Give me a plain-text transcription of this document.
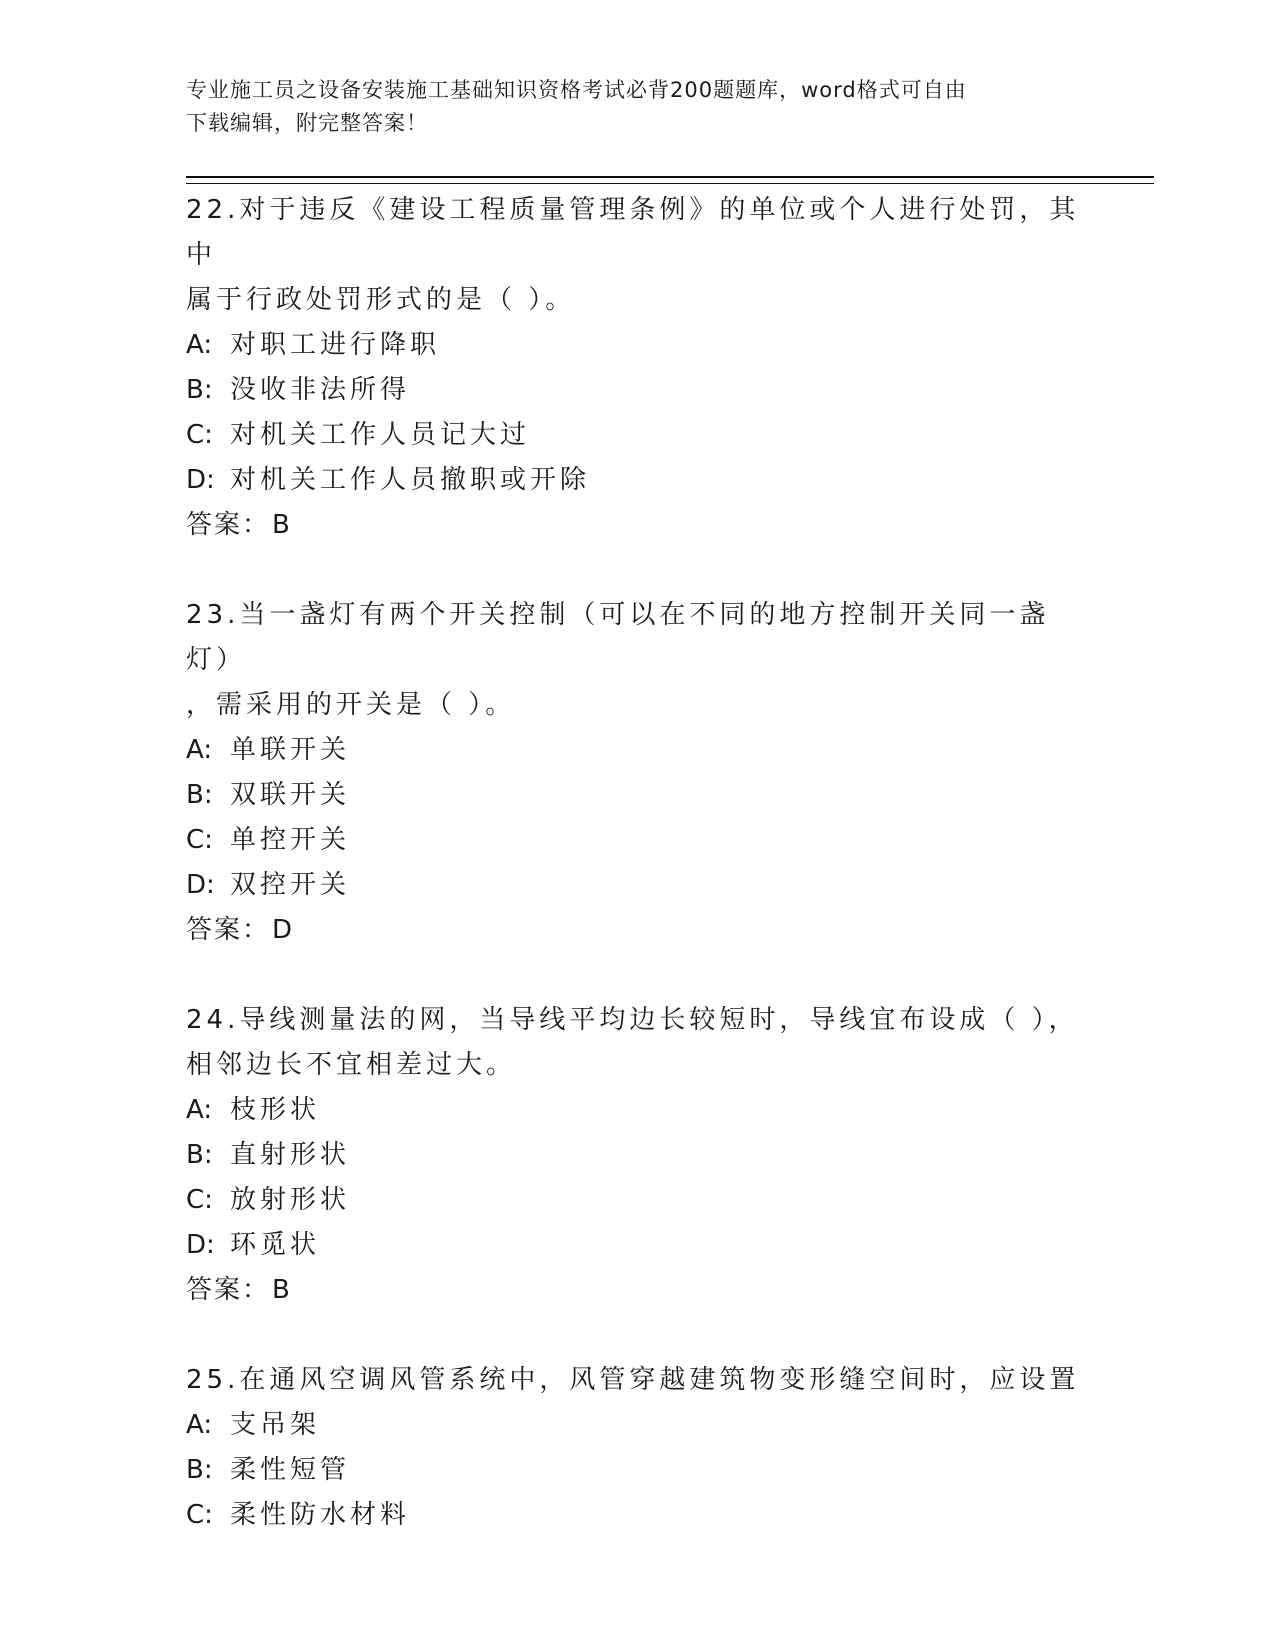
专业施工员之设备安装施工基础知识资格考试必背200题题库，word格式可自由
下载编辑，附完整答案！
22.对于违反《建设工程质量管理条例》的单位或个人进行处罚，其中
属于行政处罚形式的是（ ）。
A: 对职工进行降职
B: 没收非法所得
C: 对机关工作人员记大过
D: 对机关工作人员撤职或开除
答案：B
23.当一盏灯有两个开关控制（可以在不同的地方控制开关同一盏灯）
，需采用的开关是（ ）。
A: 单联开关
B: 双联开关
C: 单控开关
D: 双控开关
答案：D
24.导线测量法的网，当导线平均边长较短时，导线宜布设成（ ），
相邻边长不宜相差过大。
A: 枝形状
B: 直射形状
C: 放射形状
D: 环觅状
答案：B
25.在通风空调风管系统中，风管穿越建筑物变形缝空间时，应设置
A: 支吊架
B: 柔性短管
C: 柔性防水材料
